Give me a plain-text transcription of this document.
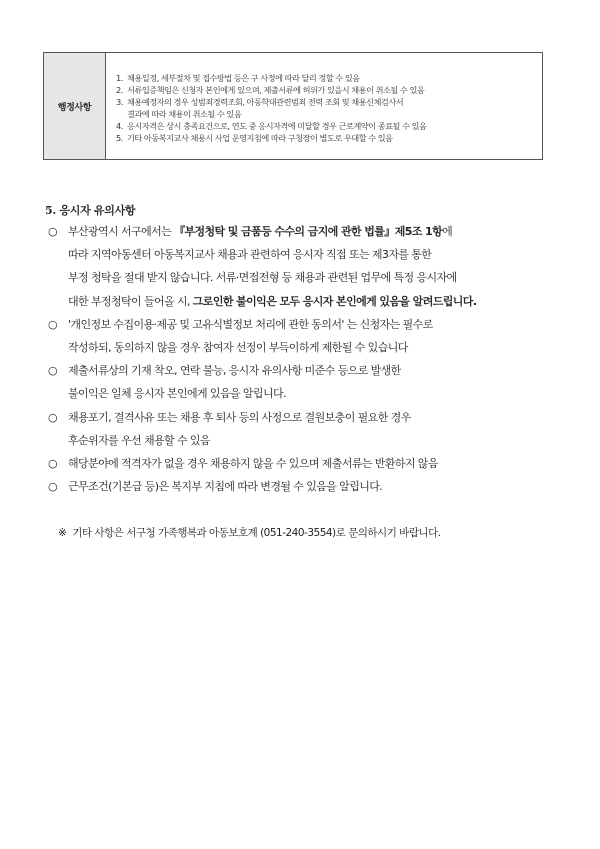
행정사항	
1. 채용일정, 세부절차 및 접수방법 등은 구 사정에 따라 달리 정할 수 있음
2. 서류입증책임은 신청자 본인에게 있으며, 제출서류에 허위가 있을시 채용이 취소될 수 있음
3. 채용예정자의 경우 성범죄경력조회, 아동학대관련범죄 전력 조회 및 채용신체검사서
결과에 따라 채용이 취소될 수 있음
4. 응시자격은 상시 충족요건으로, 연도 중 응시자격에 미달할 경우 근로계약이 종료될 수 있음
5. 기타 아동복지교사 채용시 사업 운영지침에 따라 구청장이 별도로 우대할 수 있음
5. 응시자 유의사항
○ 부산광역시 서구에서는 『부정청탁 및 금품등 수수의 금지에 관한 법률』제5조 1항에
따라 지역아동센터 아동복지교사 채용과 관련하여 응시자 직접 또는 제3자를 통한
부정 청탁을 절대 받지 않습니다. 서류·면접전형 등 채용과 관련된 업무에 특정 응시자에
대한 부정청탁이 들어올 시, 그로인한 불이익은 모두 응시자 본인에게 있음을 알려드립니다.
○ '개인정보 수집이용·제공 및 고유식별정보 처리에 관한 동의서' 는 신청자는 필수로
작성하되, 동의하지 않을 경우 참여자 선정이 부득이하게 제한될 수 있습니다
○ 제출서류상의 기재 착오, 연락 불능, 응시자 유의사항 미준수 등으로 발생한
불이익은 일체 응시자 본인에게 있음을 알립니다.
○ 채용포기, 결격사유 또는 채용 후 퇴사 등의 사정으로 결원보충이 필요한 경우
후순위자를 우선 채용할 수 있음
○ 해당분야에 적격자가 없을 경우 채용하지 않을 수 있으며 제출서류는 반환하지 않음
○ 근무조건(기본급 등)은 복지부 지침에 따라 변경될 수 있음을 알립니다.
※ 기타 사항은 서구청 가족행복과 아동보호계 (051-240-3554)로 문의하시기 바랍니다.
